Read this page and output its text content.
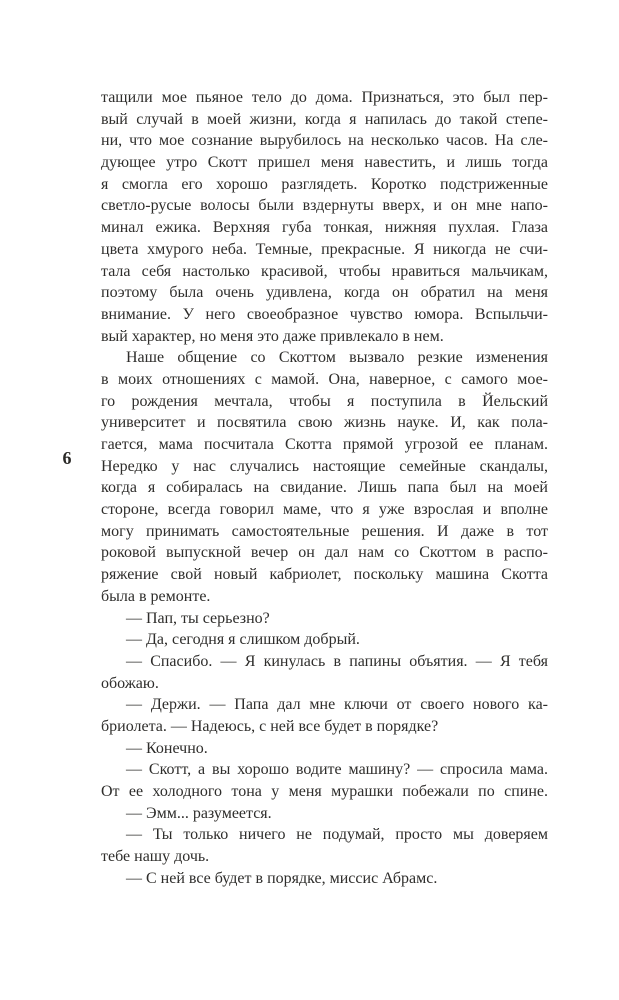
6
тащили мое пьяное тело до дома. Признаться, это был пер-
вый случай в моей жизни, когда я напилась до такой степе-
ни, что мое сознание вырубилось на несколько часов. На сле-
дующее утро Скотт пришел меня навестить, и лишь тогда
я смогла его хорошо разглядеть. Коротко подстриженные
светло-русые волосы были вздернуты вверх, и он мне напо-
минал ежика. Верхняя губа тонкая, нижняя пухлая. Глаза
цвета хмурого неба. Темные, прекрасные. Я никогда не счи-
тала себя настолько красивой, чтобы нравиться мальчикам,
поэтому была очень удивлена, когда он обратил на меня
внимание. У него своеобразное чувство юмора. Вспыльчи-
вый характер, но меня это даже привлекало в нем.
Наше общение со Скоттом вызвало резкие изменения
в моих отношениях с мамой. Она, наверное, с самого мое-
го рождения мечтала, чтобы я поступила в Йельский
университет и посвятила свою жизнь науке. И, как пола-
гается, мама посчитала Скотта прямой угрозой ее планам.
Нередко у нас случались настоящие семейные скандалы,
когда я собиралась на свидание. Лишь папа был на моей
стороне, всегда говорил маме, что я уже взрослая и вполне
могу принимать самостоятельные решения. И даже в тот
роковой выпускной вечер он дал нам со Скоттом в распо-
ряжение свой новый кабриолет, поскольку машина Скотта
была в ремонте.
— Пап, ты серьезно?
— Да, сегодня я слишком добрый.
— Спасибо. — Я кинулась в папины объятия. — Я тебя
обожаю.
— Держи. — Папа дал мне ключи от своего нового ка-
бриолета. — Надеюсь, с ней все будет в порядке?
— Конечно.
— Скотт, а вы хорошо водите машину? — спросила мама.
От ее холодного тона у меня мурашки побежали по спине.
— Эмм... разумеется.
— Ты только ничего не подумай, просто мы доверяем
тебе нашу дочь.
— С ней все будет в порядке, миссис Абрамс.
